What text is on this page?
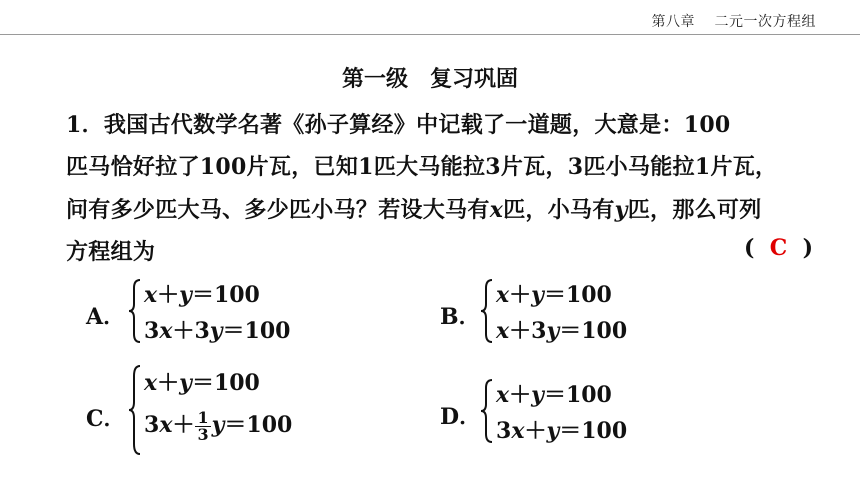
第八章　 二元一次方程组
第一级　复习巩固
1．我国古代数学名著《孙子算经》中记载了一道题，大意是：100
匹马恰好拉了100片瓦，已知1匹大马能拉3片瓦，3匹小马能拉1片瓦，
问有多少匹大马、多少匹小马？若设大马有x匹，小马有y匹，那么可列
方程组为	( C )
A．
x＋y＝100
3x＋3y＝100
B．
x＋y＝100
x＋3y＝100
C．
x＋y＝100
$3x+ \frac{1}{3} y=100$	D．
x＋y＝100
3x＋y＝100
